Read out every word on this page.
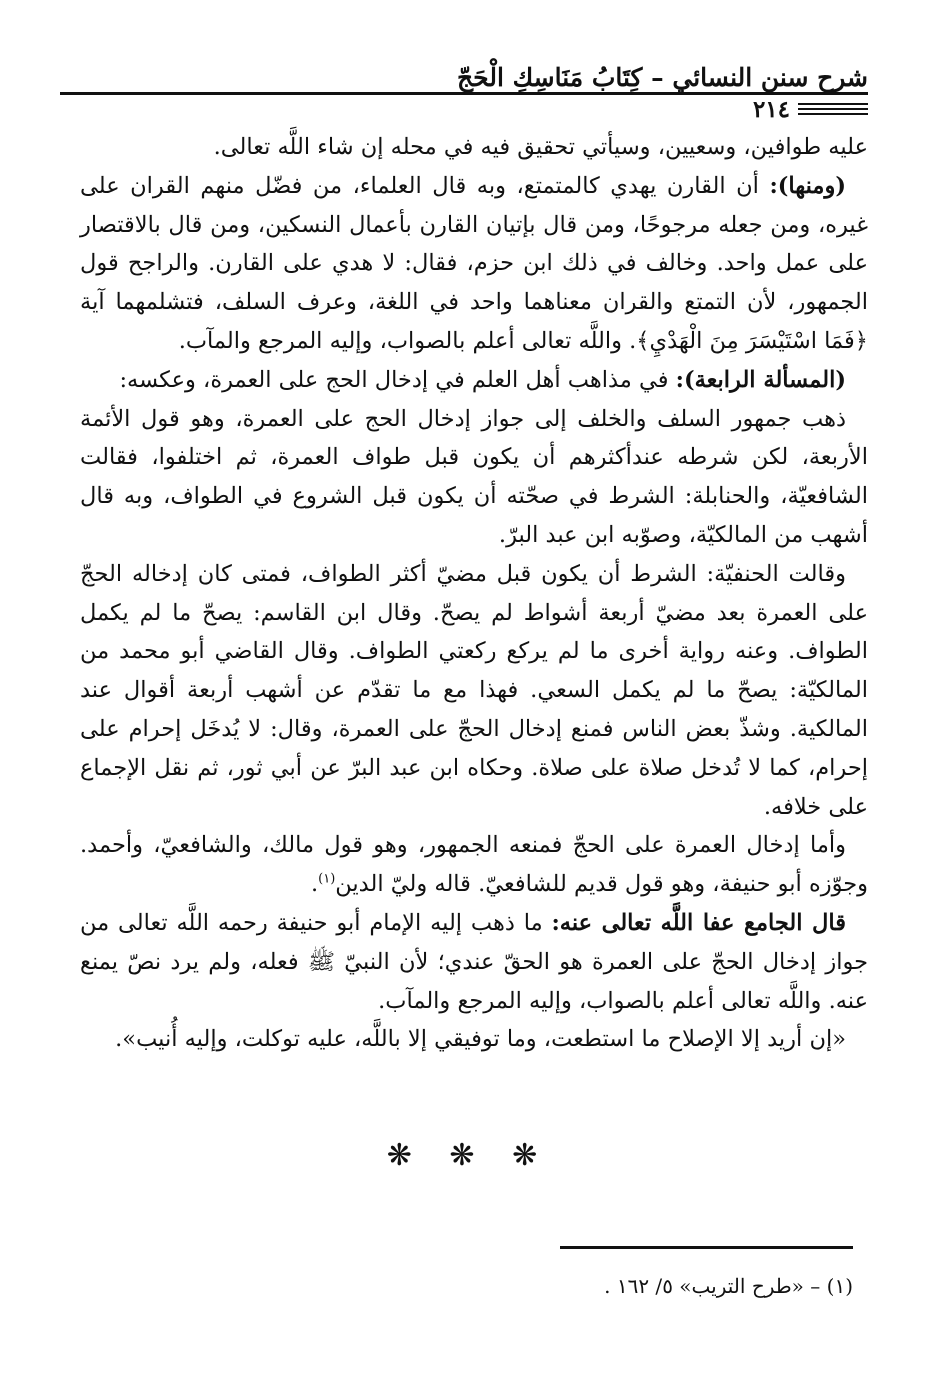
شرح سنن النسائي – كِتَابُ مَنَاسِكِ الْحَجّ
٢١٤

عليه طوافين، وسعيين، وسيأتي تحقيق فيه في محله إن شاء اللَّه تعالى.

(ومنها): أن القارن يهدي كالمتمتع، وبه قال العلماء، من فضّل منهم القران على غيره، ومن جعله مرجوحًا، ومن قال بإتيان القارن بأعمال النسكين، ومن قال بالاقتصار على عمل واحد. وخالف في ذلك ابن حزم، فقال: لا هدي على القارن. والراجح قول الجمهور، لأن التمتع والقران معناهما واحد في اللغة، وعرف السلف، فتشلمهما آية ﴿فَمَا اسْتَيْسَرَ مِنَ الْهَدْيِ﴾. واللَّه تعالى أعلم بالصواب، وإليه المرجع والمآب.

(المسألة الرابعة): في مذاهب أهل العلم في إدخال الحج على العمرة، وعكسه:

ذهب جمهور السلف والخلف إلى جواز إدخال الحج على العمرة، وهو قول الأئمة الأربعة، لكن شرطه عندأكثرهم أن يكون قبل طواف العمرة، ثم اختلفوا، فقالت الشافعيّة، والحنابلة: الشرط في صحّته أن يكون قبل الشروع في الطواف، وبه قال أشهب من المالكيّة، وصوّبه ابن عبد البرّ.

وقالت الحنفيّة: الشرط أن يكون قبل مضيّ أكثر الطواف، فمتى كان إدخاله الحجّ على العمرة بعد مضيّ أربعة أشواط لم يصحّ. وقال ابن القاسم: يصحّ ما لم يكمل الطواف. وعنه رواية أخرى ما لم يركع ركعتي الطواف. وقال القاضي أبو محمد من المالكيّة: يصحّ ما لم يكمل السعي. فهذا مع ما تقدّم عن أشهب أربعة أقوال عند المالكية. وشذّ بعض الناس فمنع إدخال الحجّ على العمرة، وقال: لا يُدخَل إحرام على إحرام، كما لا تُدخل صلاة على صلاة. وحكاه ابن عبد البرّ عن أبي ثور، ثم نقل الإجماع على خلافه.

وأما إدخال العمرة على الحجّ فمنعه الجمهور، وهو قول مالك، والشافعيّ، وأحمد. وجوّزه أبو حنيفة، وهو قول قديم للشافعيّ. قاله وليّ الدين$^{(١)}$.

قال الجامع عفا اللَّه تعالى عنه: ما ذهب إليه الإمام أبو حنيفة رحمه اللَّه تعالى من جواز إدخال الحجّ على العمرة هو الحقّ عندي؛ لأن النبيّ ﷺ فعله، ولم يرد نصّ يمنع عنه. واللَّه تعالى أعلم بالصواب، وإليه المرجع والمآب.

«إن أريد إلا الإصلاح ما استطعت، وما توفيقي إلا باللَّه، عليه توكلت، وإليه أُنيب».

❋ ❋ ❋
(١) – «طرح التريب» ٥/ ١٦٢ .
